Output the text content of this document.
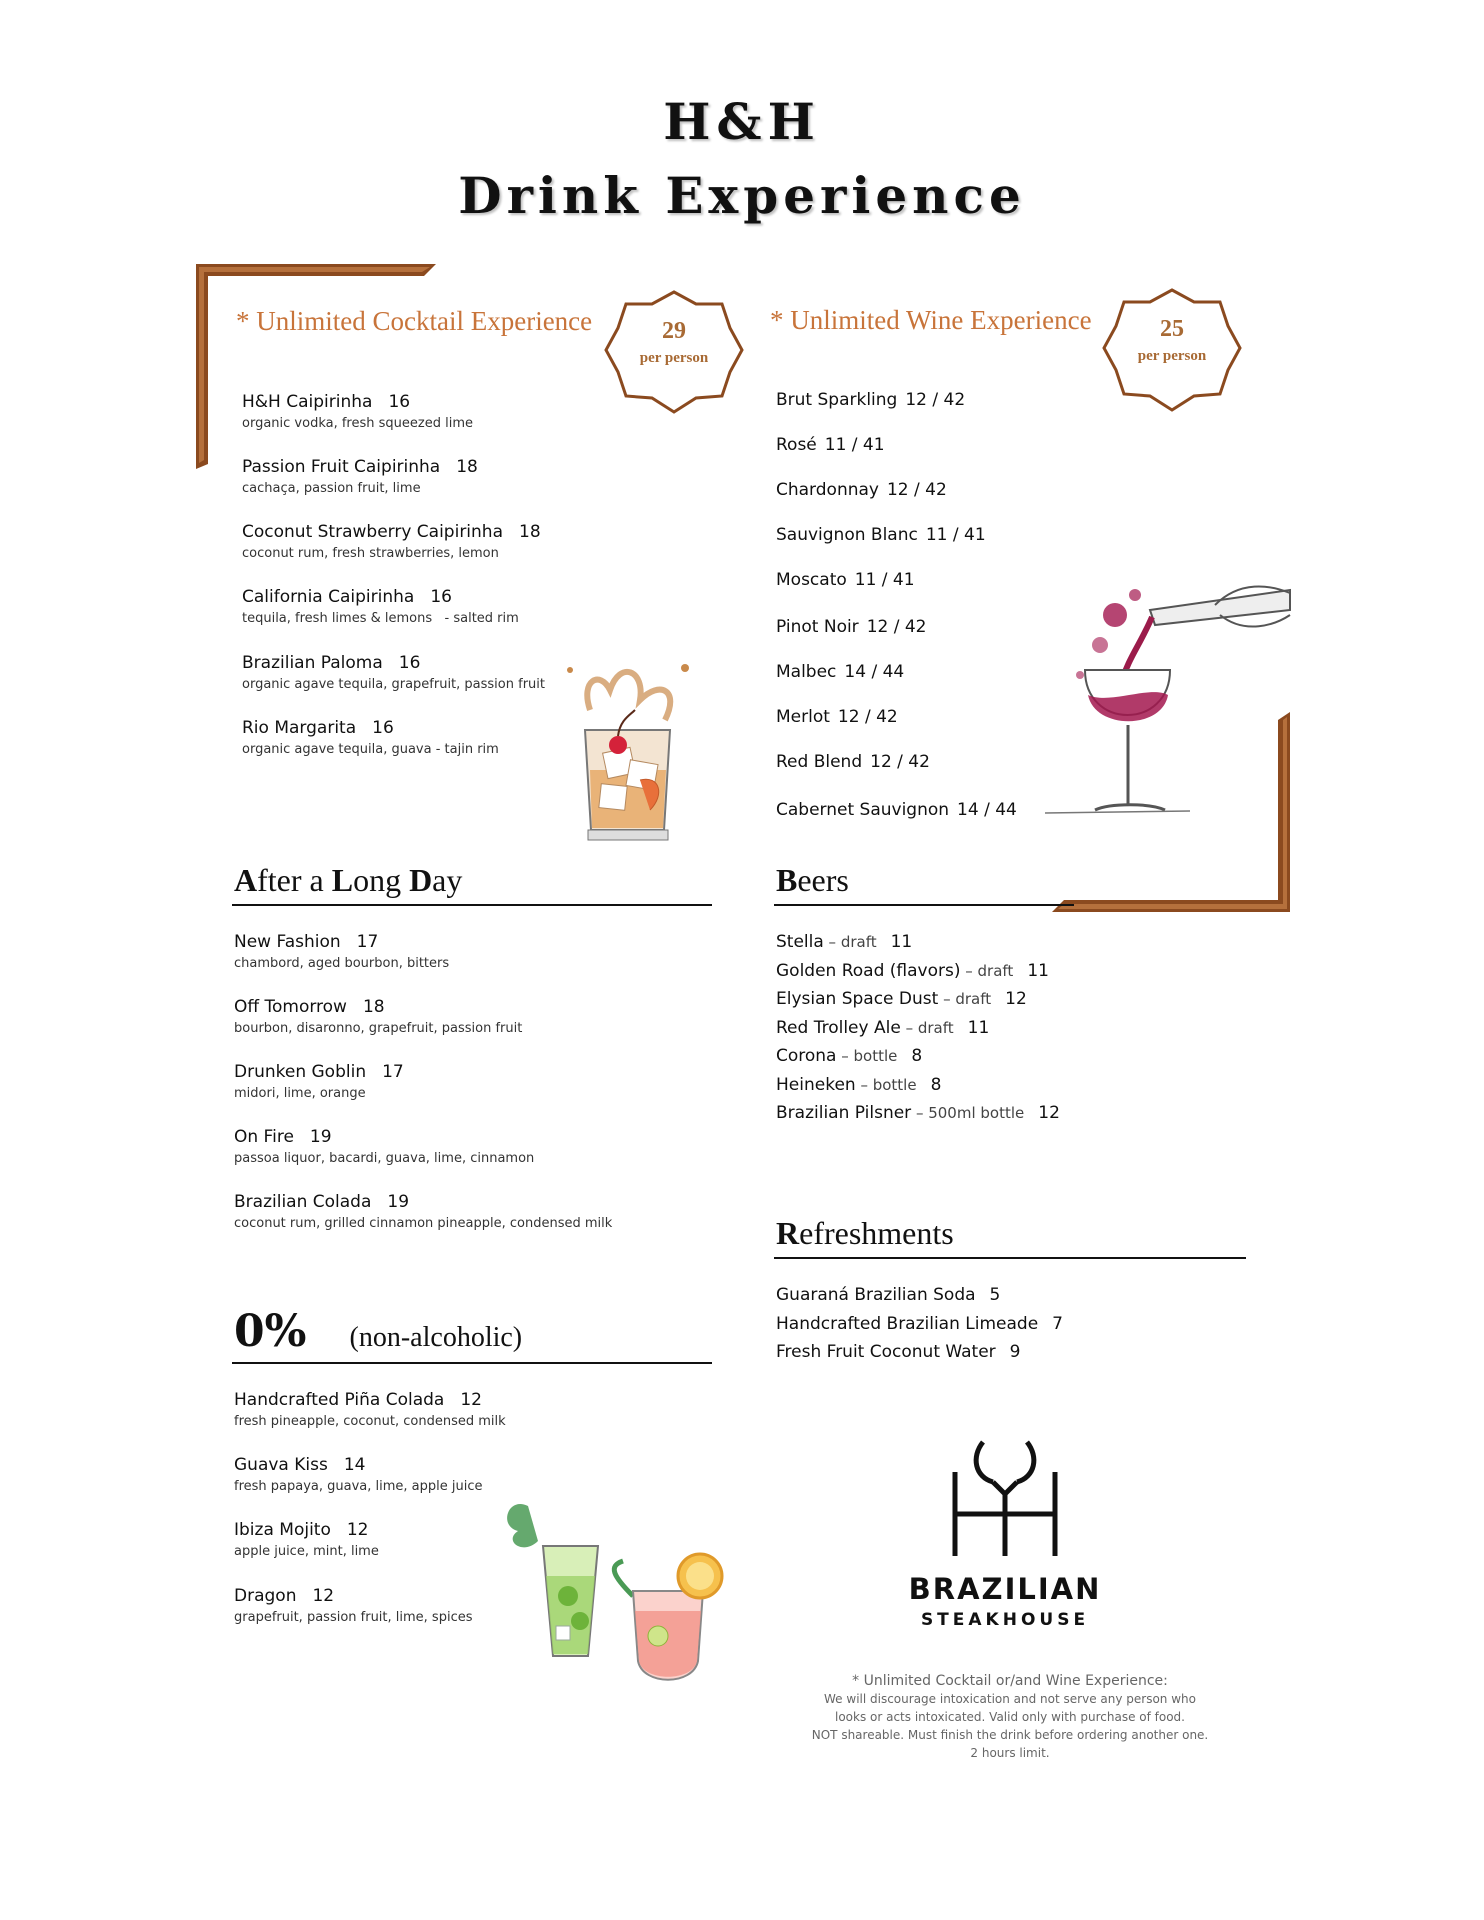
H&H
Drink Experience
* Unlimited Cocktail Experience	29
per person
H&H Caipirinha 16
organic vodka, fresh squeezed lime
Passion Fruit Caipirinha 18
cachaça, passion fruit, lime
Coconut Strawberry Caipirinha 18
coconut rum, fresh strawberries, lemon
California Caipirinha 16
tequila, fresh limes & lemons   - salted rim
Brazilian Paloma 16
organic agave tequila, grapefruit, passion fruit
Rio Margarita 16
organic agave tequila, guava - tajin rim
* Unlimited Wine Experience	25
per person
Brut Sparkling 12 / 42
Rosé 11 / 41
Chardonnay 12 / 42
Sauvignon Blanc 11 / 41
Moscato 11 / 41
Pinot Noir 12 / 42
Malbec 14 / 44
Merlot 12 / 42
Red Blend 12 / 42
Cabernet Sauvignon 14 / 44
After a Long Day
New Fashion 17
chambord, aged bourbon, bitters
Off Tomorrow 18
bourbon, disaronno, grapefruit, passion fruit
Drunken Goblin 17
midori, lime, orange
On Fire 19
passoa liquor, bacardi, guava, lime, cinnamon
Brazilian Colada 19
coconut rum, grilled cinnamon pineapple, condensed milk
Beers
Stella – draft 11
Golden Road (flavors) – draft 11
Elysian Space Dust – draft 12
Red Trolley Ale – draft 11
Corona – bottle 8
Heineken – bottle 8
Brazilian Pilsner – 500ml bottle 12
Refreshments
Guaraná Brazilian Soda 5
Handcrafted Brazilian Limeade 7
Fresh Fruit Coconut Water 9
0% (non-alcoholic)
Handcrafted Piña Colada 12
fresh pineapple, coconut, condensed milk
Guava Kiss 14
fresh papaya, guava, lime, apple juice
Ibiza Mojito 12
apple juice, mint, lime
Dragon 12
grapefruit, passion fruit, lime, spices
BRAZILIAN
STEAKHOUSE
* Unlimited Cocktail or/and Wine Experience:
We will discourage intoxication and not serve any person who
looks or acts intoxicated. Valid only with purchase of food.
NOT shareable. Must finish the drink before ordering another one.
2 hours limit.
